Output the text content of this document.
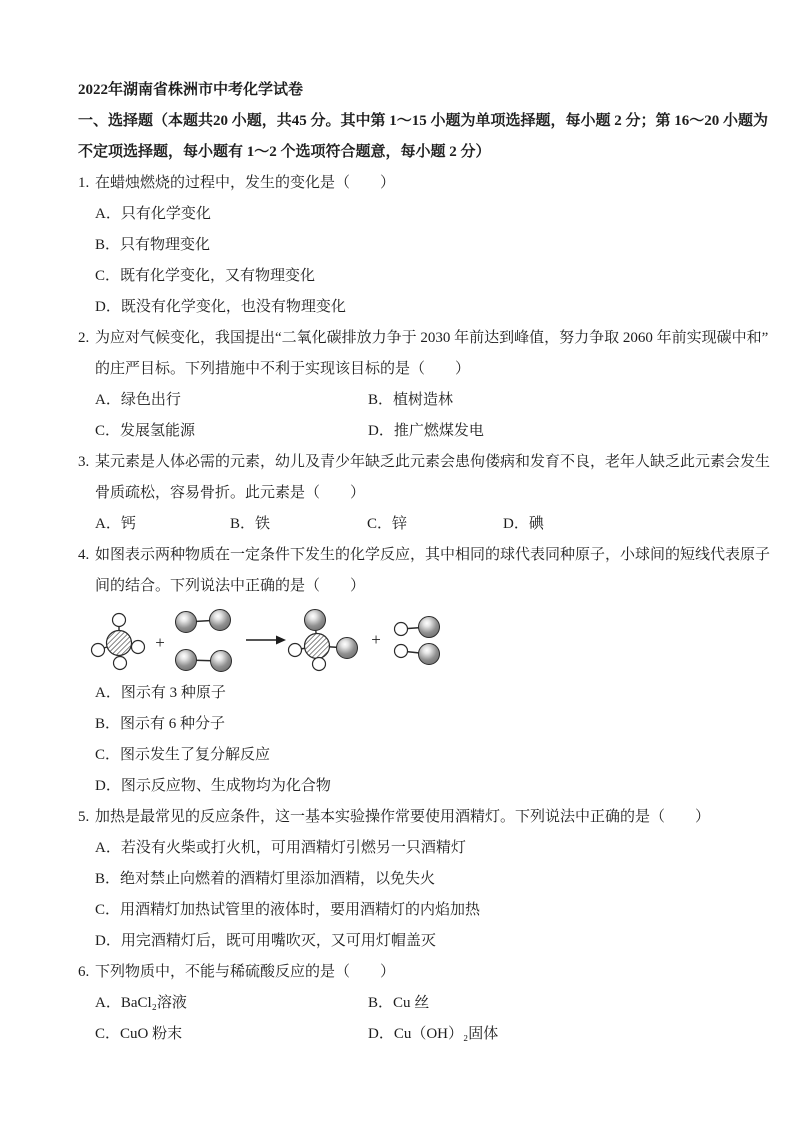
2022年湖南省株洲市中考化学试卷
一、选择题（本题共20 小题，共45 分。其中第 1～15 小题为单项选择题，每小题 2 分；第 16～20 小题为
不定项选择题，每小题有 1～2 个选项符合题意，每小题 2 分）
1. 在蜡烛燃烧的过程中，发生的变化是（　　）
A．只有化学变化
B．只有物理变化
C．既有化学变化，又有物理变化
D．既没有化学变化，也没有物理变化
2. 为应对气候变化，我国提出“二氧化碳排放力争于 2030 年前达到峰值，努力争取 2060 年前实现碳中和”
的庄严目标。下列措施中不利于实现该目标的是（　　）
A．绿色出行	B．植树造林
C．发展氢能源	D．推广燃煤发电
3. 某元素是人体必需的元素，幼儿及青少年缺乏此元素会患佝偻病和发育不良，老年人缺乏此元素会发生
骨质疏松，容易骨折。此元素是（　　）
A．钙	B．铁	C．锌	D．碘
4. 如图表示两种物质在一定条件下发生的化学反应，其中相同的球代表同种原子，小球间的短线代表原子
间的结合。下列说法中正确的是（　　）
+	+
A．图示有 3 种原子
B．图示有 6 种分子
C．图示发生了复分解反应
D．图示反应物、生成物均为化合物
5. 加热是最常见的反应条件，这一基本实验操作常要使用酒精灯。下列说法中正确的是（　　）
A．若没有火柴或打火机，可用酒精灯引燃另一只酒精灯
B．绝对禁止向燃着的酒精灯里添加酒精，以免失火
C．用酒精灯加热试管里的液体时，要用酒精灯的内焰加热
D．用完酒精灯后，既可用嘴吹灭，又可用灯帽盖灭
6. 下列物质中，不能与稀硫酸反应的是（　　）
A．BaCl₂溶液	B．Cu 丝
C．CuO 粉末	D．Cu（OH）₂固体
